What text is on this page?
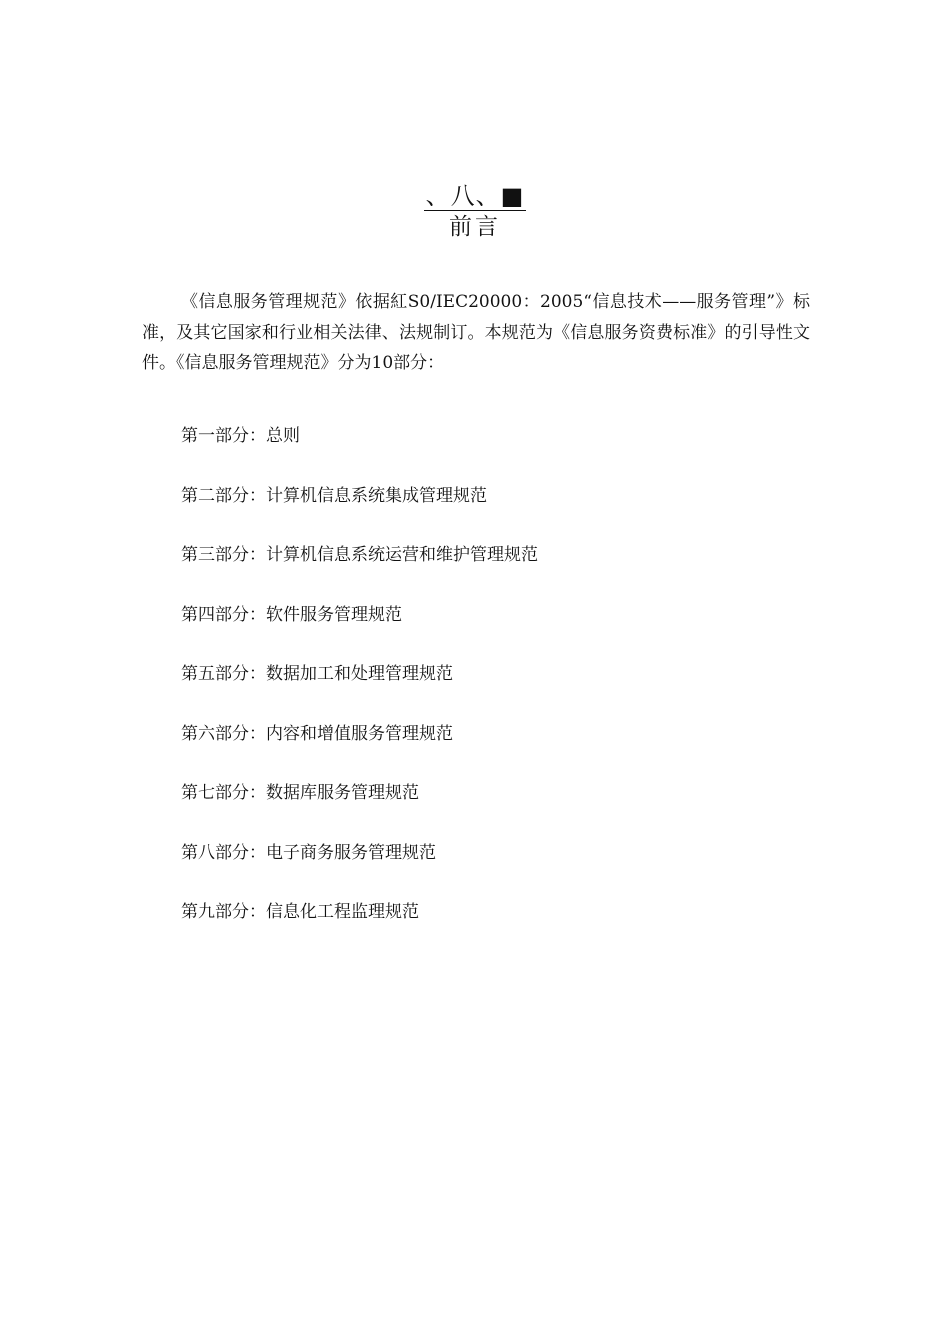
、八、■
前言

《信息服务管理规范》依据紅S0/IEC20000：2005“信息技术——服务管理”》标准，及其它国家和行业相关法律、法规制订。本规范为《信息服务资费标准》的引导性文件。《信息服务管理规范》分为10部分：

第一部分：总则
第二部分：计算机信息系统集成管理规范
第三部分：计算机信息系统运营和维护管理规范
第四部分：软件服务管理规范
第五部分：数据加工和处理管理规范
第六部分：内容和增值服务管理规范
第七部分：数据库服务管理规范
第八部分：电子商务服务管理规范
第九部分：信息化工程监理规范
